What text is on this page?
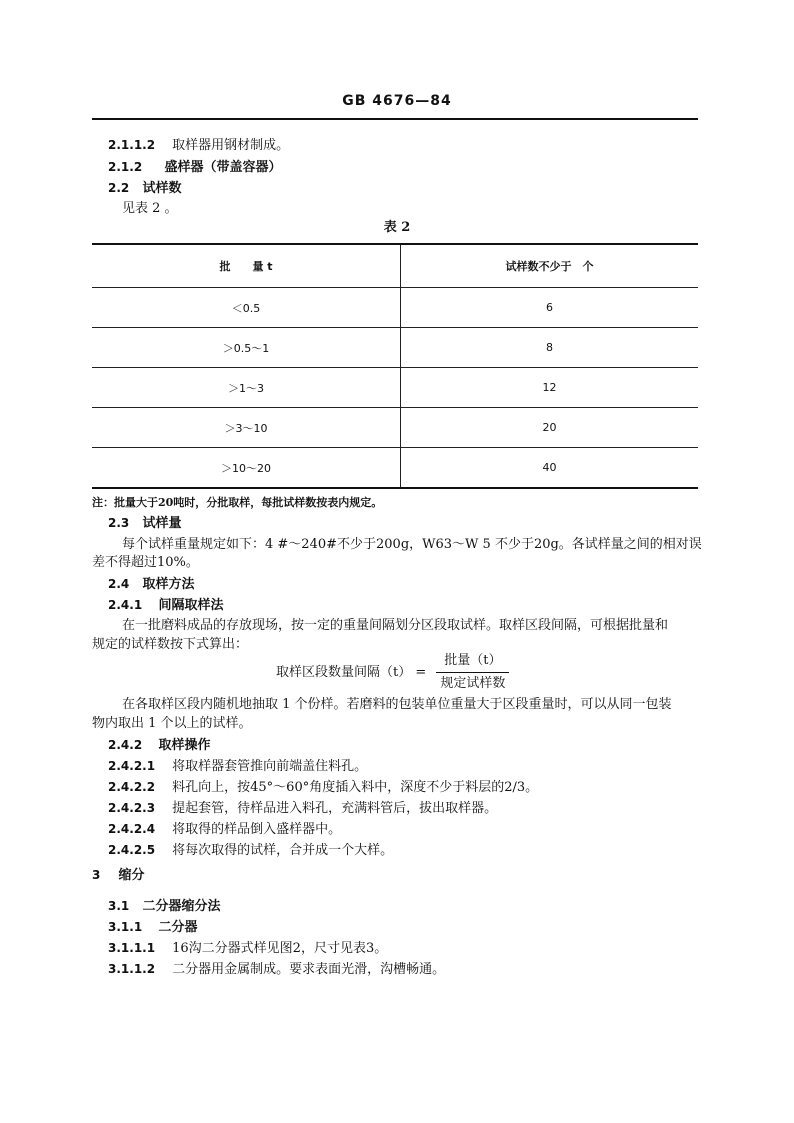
GB 4676—84
2.1.1.2 取样器用钢材制成。
2.1.2 盛样器（带盖容器）
2.2 试样数
见表 2 。
表 2
批　　量 t	试样数不少于　个
＜0.5	6
＞0.5～1	8
＞1～3	12
＞3～10	20
＞10～20	40
注：批量大于20吨时，分批取样，每批试样数按表内规定。
2.3 试样量
每个试样重量规定如下：4 #～240#不少于200g，W63～W 5 不少于20g。各试样量之间的相对误
差不得超过10%。
2.4 取样方法
2.4.1 间隔取样法
在一批磨料成品的存放现场，按一定的重量间隔划分区段取试样。取样区段间隔，可根据批量和
规定的试样数按下式算出：
取样区段数量间隔$(t) = \frac{\text{批量（t）}}{\text{规定试样数}}$
在各取样区段内随机地抽取 1 个份样。若磨料的包装单位重量大于区段重量时，可以从同一包装
物内取出 1 个以上的试样。
2.4.2 取样操作
2.4.2.1 将取样器套管推向前端盖住料孔。
2.4.2.2 料孔向上，按45°～60°角度插入料中，深度不少于料层的2/3。
2.4.2.3 提起套管，待样品进入料孔，充满料管后，拔出取样器。
2.4.2.4 将取得的样品倒入盛样器中。
2.4.2.5 将每次取得的试样，合并成一个大样。
3 缩分
3.1 二分器缩分法
3.1.1 二分器
3.1.1.1 16沟二分器式样见图2，尺寸见表3。
3.1.1.2 二分器用金属制成。要求表面光滑，沟槽畅通。
